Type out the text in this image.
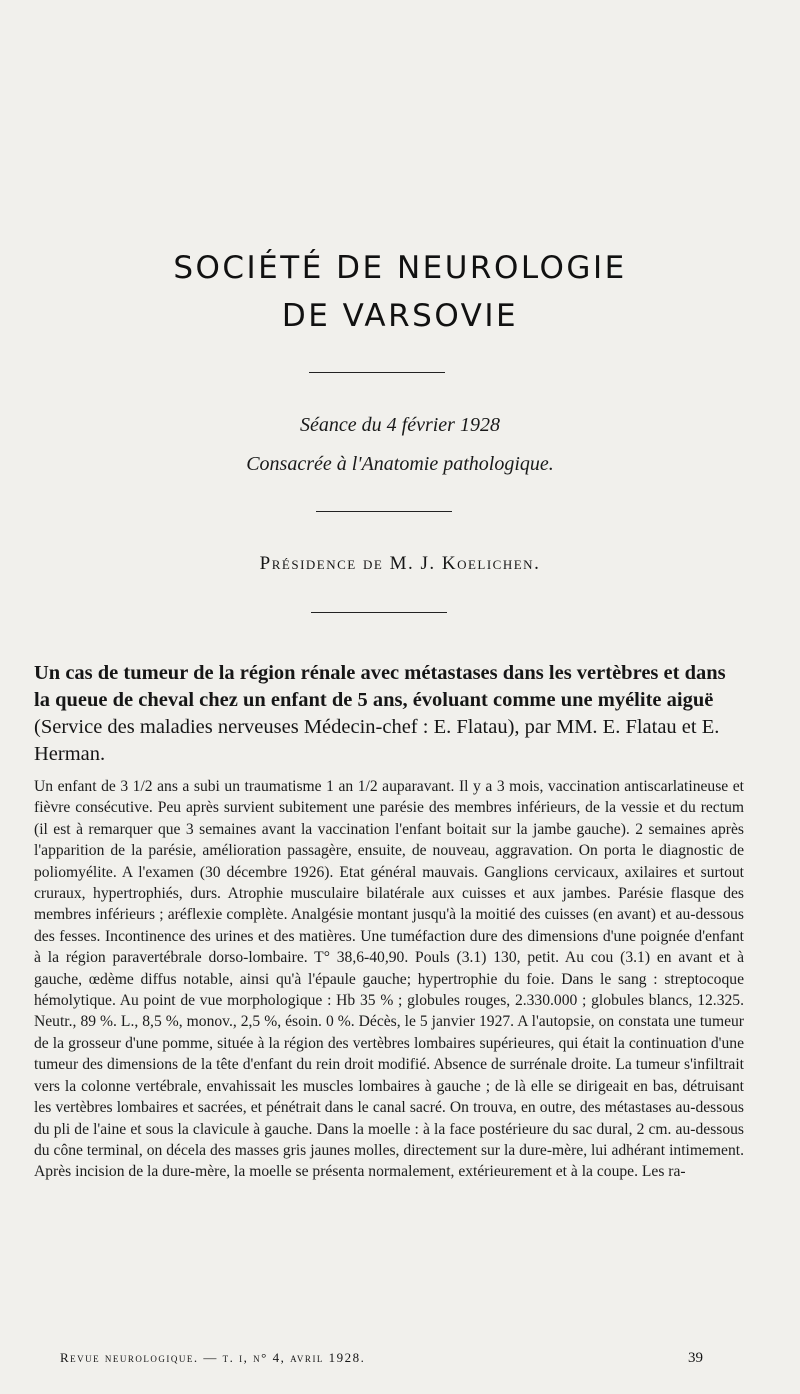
SOCIÉTÉ DE NEUROLOGIE
DE VARSOVIE
Séance du 4 février 1928
Consacrée à l'Anatomie pathologique.
Présidence de M. J. Koelichen.
Un cas de tumeur de la région rénale avec métastases dans les vertèbres et dans la queue de cheval chez un enfant de 5 ans, évoluant comme une myélite aiguë (Service des maladies nerveuses Médecin-chef : E. Flatau), par MM. E. Flatau et E. Herman.
Un enfant de 3 1/2 ans a subi un traumatisme 1 an 1/2 auparavant. Il y a 3 mois, vaccination antiscarlatineuse et fièvre consécutive. Peu après survient subitement une parésie des membres inférieurs, de la vessie et du rectum (il est à remarquer que 3 semaines avant la vaccination l'enfant boitait sur la jambe gauche). 2 semaines après l'apparition de la parésie, amélioration passagère, ensuite, de nouveau, aggravation. On porta le diagnostic de poliomyélite. A l'examen (30 décembre 1926). Etat général mauvais. Ganglions cervicaux, axilaires et surtout cruraux, hypertrophiés, durs. Atrophie musculaire bilatérale aux cuisses et aux jambes. Parésie flasque des membres inférieurs ; aréflexie complète. Analgésie montant jusqu'à la moitié des cuisses (en avant) et au-dessous des fesses. Incontinence des urines et des matières. Une tuméfaction dure des dimensions d'une poignée d'enfant à la région paravertébrale dorso-lombaire. T° 38,6-40,90. Pouls (3.1) 130, petit. Au cou (3.1) en avant et à gauche, œdème diffus notable, ainsi qu'à l'épaule gauche; hypertrophie du foie. Dans le sang : streptocoque hémolytique. Au point de vue morphologique : Hb 35 % ; globules rouges, 2.330.000 ; globules blancs, 12.325. Neutr., 89 %. L., 8,5 %, monov., 2,5 %, ésoin. 0 %. Décès, le 5 janvier 1927. A l'autopsie, on constata une tumeur de la grosseur d'une pomme, située à la région des vertèbres lombaires supérieures, qui était la continuation d'une tumeur des dimensions de la tête d'enfant du rein droit modifié. Absence de surrénale droite. La tumeur s'infiltrait vers la colonne vertébrale, envahissait les muscles lombaires à gauche ; de là elle se dirigeait en bas, détruisant les vertèbres lombaires et sacrées, et pénétrait dans le canal sacré. On trouva, en outre, des métastases au-dessous du pli de l'aine et sous la clavicule à gauche. Dans la moelle : à la face postérieure du sac dural, 2 cm. au-dessous du cône terminal, on décela des masses gris jaunes molles, directement sur la dure-mère, lui adhérant intimement. Après incision de la dure-mère, la moelle se présenta normalement, extérieurement et à la coupe. Les ra-
Revue neurologique. — t. i, n° 4, avril 1928.	39
